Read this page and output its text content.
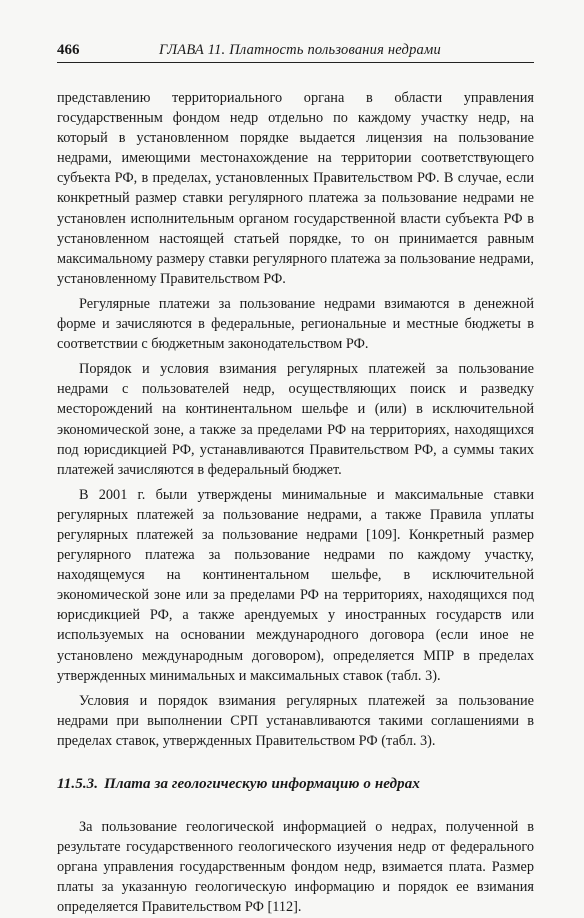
466	ГЛАВА 11. Платность пользования недрами

представлению территориального органа в области управления государственным фондом недр отдельно по каждому участку недр, на который в установленном порядке выдается лицензия на пользование недрами, имеющими местонахождение на территории соответствующего субъекта РФ, в пределах, установленных Правительством РФ. В случае, если конкретный размер ставки регулярного платежа за пользование недрами не установлен исполнительным органом государственной власти субъекта РФ в установленном настоящей статьей порядке, то он принимается равным максимальному размеру ставки регулярного платежа за пользование недрами, установленному Правительством РФ.

Регулярные платежи за пользование недрами взимаются в денежной форме и зачисляются в федеральные, региональные и местные бюджеты в соответствии с бюджетным законодательством РФ.

Порядок и условия взимания регулярных платежей за пользование недрами с пользователей недр, осуществляющих поиск и разведку месторождений на континентальном шельфе и (или) в исключительной экономической зоне, а также за пределами РФ на территориях, находящихся под юрисдикцией РФ, устанавливаются Правительством РФ, а суммы таких платежей зачисляются в федеральный бюджет.

В 2001 г. были утверждены минимальные и максимальные ставки регулярных платежей за пользование недрами, а также Правила уплаты регулярных платежей за пользование недрами [109]. Конкретный размер регулярного платежа за пользование недрами по каждому участку, находящемуся на континентальном шельфе, в исключительной экономической зоне или за пределами РФ на территориях, находящихся под юрисдикцией РФ, а также арендуемых у иностранных государств или используемых на основании международного договора (если иное не установлено международным договором), определяется МПР в пределах утвержденных минимальных и максимальных ставок (табл. 3).

Условия и порядок взимания регулярных платежей за пользование недрами при выполнении СРП устанавливаются такими соглашениями в пределах ставок, утвержденных Правительством РФ (табл. 3).

11.5.3. Плата за геологическую информацию о недрах

За пользование геологической информацией о недрах, полученной в результате государственного геологического изучения недр от федерального органа управления государственным фондом недр, взимается плата. Размер платы за указанную геологическую информацию и порядок ее взимания определяется Правительством РФ [112].
